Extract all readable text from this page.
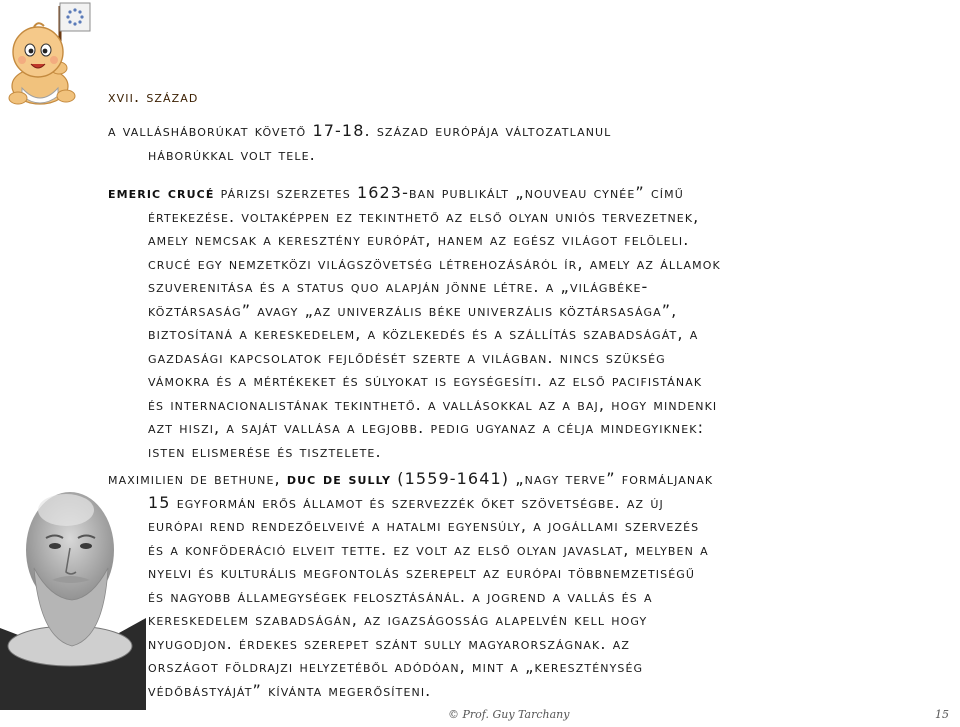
xvii. század

a vallásháborúkat követő 17-18. század európája változatlanul

háborúkkal volt tele.

emeric crucé párizsi szerzetes 1623-ban publikált „nouveau cynée” című
értekezése. voltaképpen ez tekinthető az első olyan uniós tervezetnek,
amely nemcsak a keresztény európát, hanem az egész világot felöleli.
crucé egy nemzetközi világszövetség létrehozásáról ír, amely az államok
szuverenitása és a status quo alapján jönne létre. a „világbéke-
köztársaság” avagy „az univerzális béke univerzális köztársasága”,
biztosítaná a kereskedelem, a közlekedés és a szállítás szabadságát, a
gazdasági kapcsolatok fejlődését szerte a világban. nincs szükség
vámokra és a mértékeket és súlyokat is egységesíti. az első pacifistának
és internacionalistának tekinthető. a vallásokkal az a baj, hogy mindenki
azt hiszi, a saját vallása a legjobb. pedig ugyanaz a célja mindegyiknek:
isten elismerése és tisztelete.
maximilien de bethune, duc de sully (1559-1641) „nagy terve” formáljanak
15 egyformán erős államot és szervezzék őket szövetségbe. az új
európai rend rendezőelveivé a hatalmi egyensúly, a jogállami szervezés
és a konföderáció elveit tette. ez volt az első olyan javaslat, melyben a
nyelvi és kulturális megfontolás szerepelt az európai többnemzetiségű
és nagyobb államegységek felosztásánál. a jogrend a vallás és a
kereskedelem szabadságán, az igazságosság alapelvén kell hogy
nyugodjon. érdekes szerepet szánt sully magyarországnak. az
országot földrajzi helyzetéből adódóan, mint a „kereszténység
védőbástyáját” kívánta megerősíteni.
© Prof. Guy Tarchany	15
